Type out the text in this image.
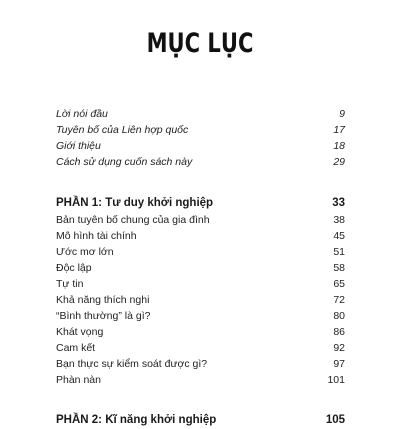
MỤC LỤC
Lời nói đầu	9
Tuyên bố của Liên hợp quốc	17
Giới thiệu	18
Cách sử dụng cuốn sách này	29
PHẦN 1: Tư duy khởi nghiệp	33
Bản tuyên bố chung của gia đình	38
Mô hình tài chính	45
Ước mơ lớn	51
Độc lập	58
Tự tin	65
Khả năng thích nghi	72
“Bình thường” là gì?	80
Khát vọng	86
Cam kết	92
Bạn thực sự kiểm soát được gì?	97
Phàn nàn	101
PHẦN 2: Kĩ năng khởi nghiệp	105
